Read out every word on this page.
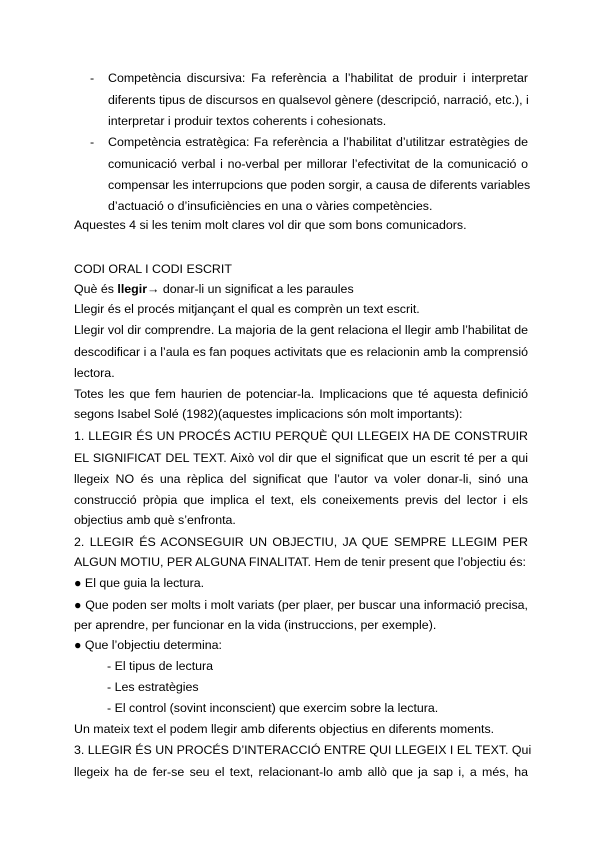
- Competència discursiva: Fa referència a l’habilitat de produir i interpretar
diferents tipus de discursos en qualsevol gènere (descripció, narració, etc.), i
interpretar i produir textos coherents i cohesionats.
- Competència estratègica: Fa referència a l’habilitat d’utilitzar estratègies de
comunicació verbal i no-verbal per millorar l’efectivitat de la comunicació o
compensar les interrupcions que poden sorgir, a causa de diferents variables
d’actuació o d’insuficiències en una o vàries competències.
Aquestes 4 si les tenim molt clares vol dir que som bons comunicadors.
CODI ORAL I CODI ESCRIT
Què és llegir→ donar-li un significat a les paraules
Llegir és el procés mitjançant el qual es comprèn un text escrit.
Llegir vol dir comprendre. La majoria de la gent relaciona el llegir amb l’habilitat de
descodificar i a l’aula es fan poques activitats que es relacionin amb la comprensió
lectora.
Totes les que fem haurien de potenciar-la. Implicacions que té aquesta definició
segons Isabel Solé (1982)(aquestes implicacions són molt importants):
1. LLEGIR ÉS UN PROCÉS ACTIU PERQUÈ QUI LLEGEIX HA DE CONSTRUIR
EL SIGNIFICAT DEL TEXT. Això vol dir que el significat que un escrit té per a qui
llegeix NO és una rèplica del significat que l’autor va voler donar-li, sinó una
construcció pròpia que implica el text, els coneixements previs del lector i els
objectius amb què s’enfronta.
2. LLEGIR ÉS ACONSEGUIR UN OBJECTIU, JA QUE SEMPRE LLEGIM PER
ALGUN MOTIU, PER ALGUNA FINALITAT. Hem de tenir present que l’objectiu és:
● El que guia la lectura.
● Que poden ser molts i molt variats (per plaer, per buscar una informació precisa,
per aprendre, per funcionar en la vida (instruccions, per exemple).
● Que l’objectiu determina:
- El tipus de lectura
- Les estratègies
- El control (sovint inconscient) que exercim sobre la lectura.
Un mateix text el podem llegir amb diferents objectius en diferents moments.
3. LLEGIR ÉS UN PROCÉS D’INTERACCIÓ ENTRE QUI LLEGEIX I EL TEXT. Qui
llegeix ha de fer-se seu el text, relacionant-lo amb allò que ja sap i, a més, ha
